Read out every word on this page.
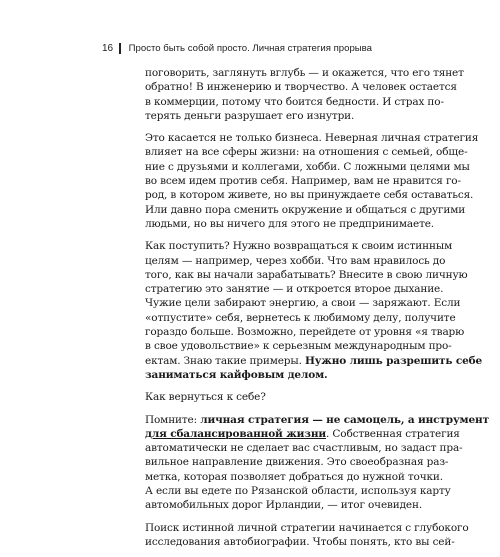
16 Просто быть собой просто. Личная стратегия прорыва

поговорить, заглянуть вглубь — и окажется, что его тянет
обратно! В инженерию и творчество. А человек остается
в коммерции, потому что боится бедности. И страх по-
терять деньги разрушает его изнутри.

Это касается не только бизнеса. Неверная личная стратегия
влияет на все сферы жизни: на отношения с семьей, обще-
ние с друзьями и коллегами, хобби. С ложными целями мы
во всем идем против себя. Например, вам не нравится го-
род, в котором живете, но вы принуждаете себя оставаться.
Или давно пора сменить окружение и общаться с другими
людьми, но вы ничего для этого не предпринимаете.

Как поступить? Нужно возвращаться к своим истинным
целям — например, через хобби. Что вам нравилось до
того, как вы начали зарабатывать? Внесите в свою личную
стратегию это занятие — и откроется второе дыхание.
Чужие цели забирают энергию, а свои — заряжают. Если
«отпустите» себя, вернетесь к любимому делу, получите
гораздо больше. Возможно, перейдете от уровня «я тварю
в свое удовольствие» к серьезным международным про-
ектам. Знаю такие примеры. Нужно лишь разрешить себе
заниматься кайфовым делом.

Как вернуться к себе?

Помните: личная стратегия — не самоцель, а инструмент
для сбалансированной жизни. Собственная стратегия
автоматически не сделает вас счастливым, но задаст пра-
вильное направление движения. Это своеобразная раз-
метка, которая позволяет добраться до нужной точки.
А если вы едете по Рязанской области, используя карту
автомобильных дорог Ирландии, — итог очевиден.

Поиск истинной личной стратегии начинается с глубокого
исследования автобиографии. Чтобы понять, кто вы сей-
